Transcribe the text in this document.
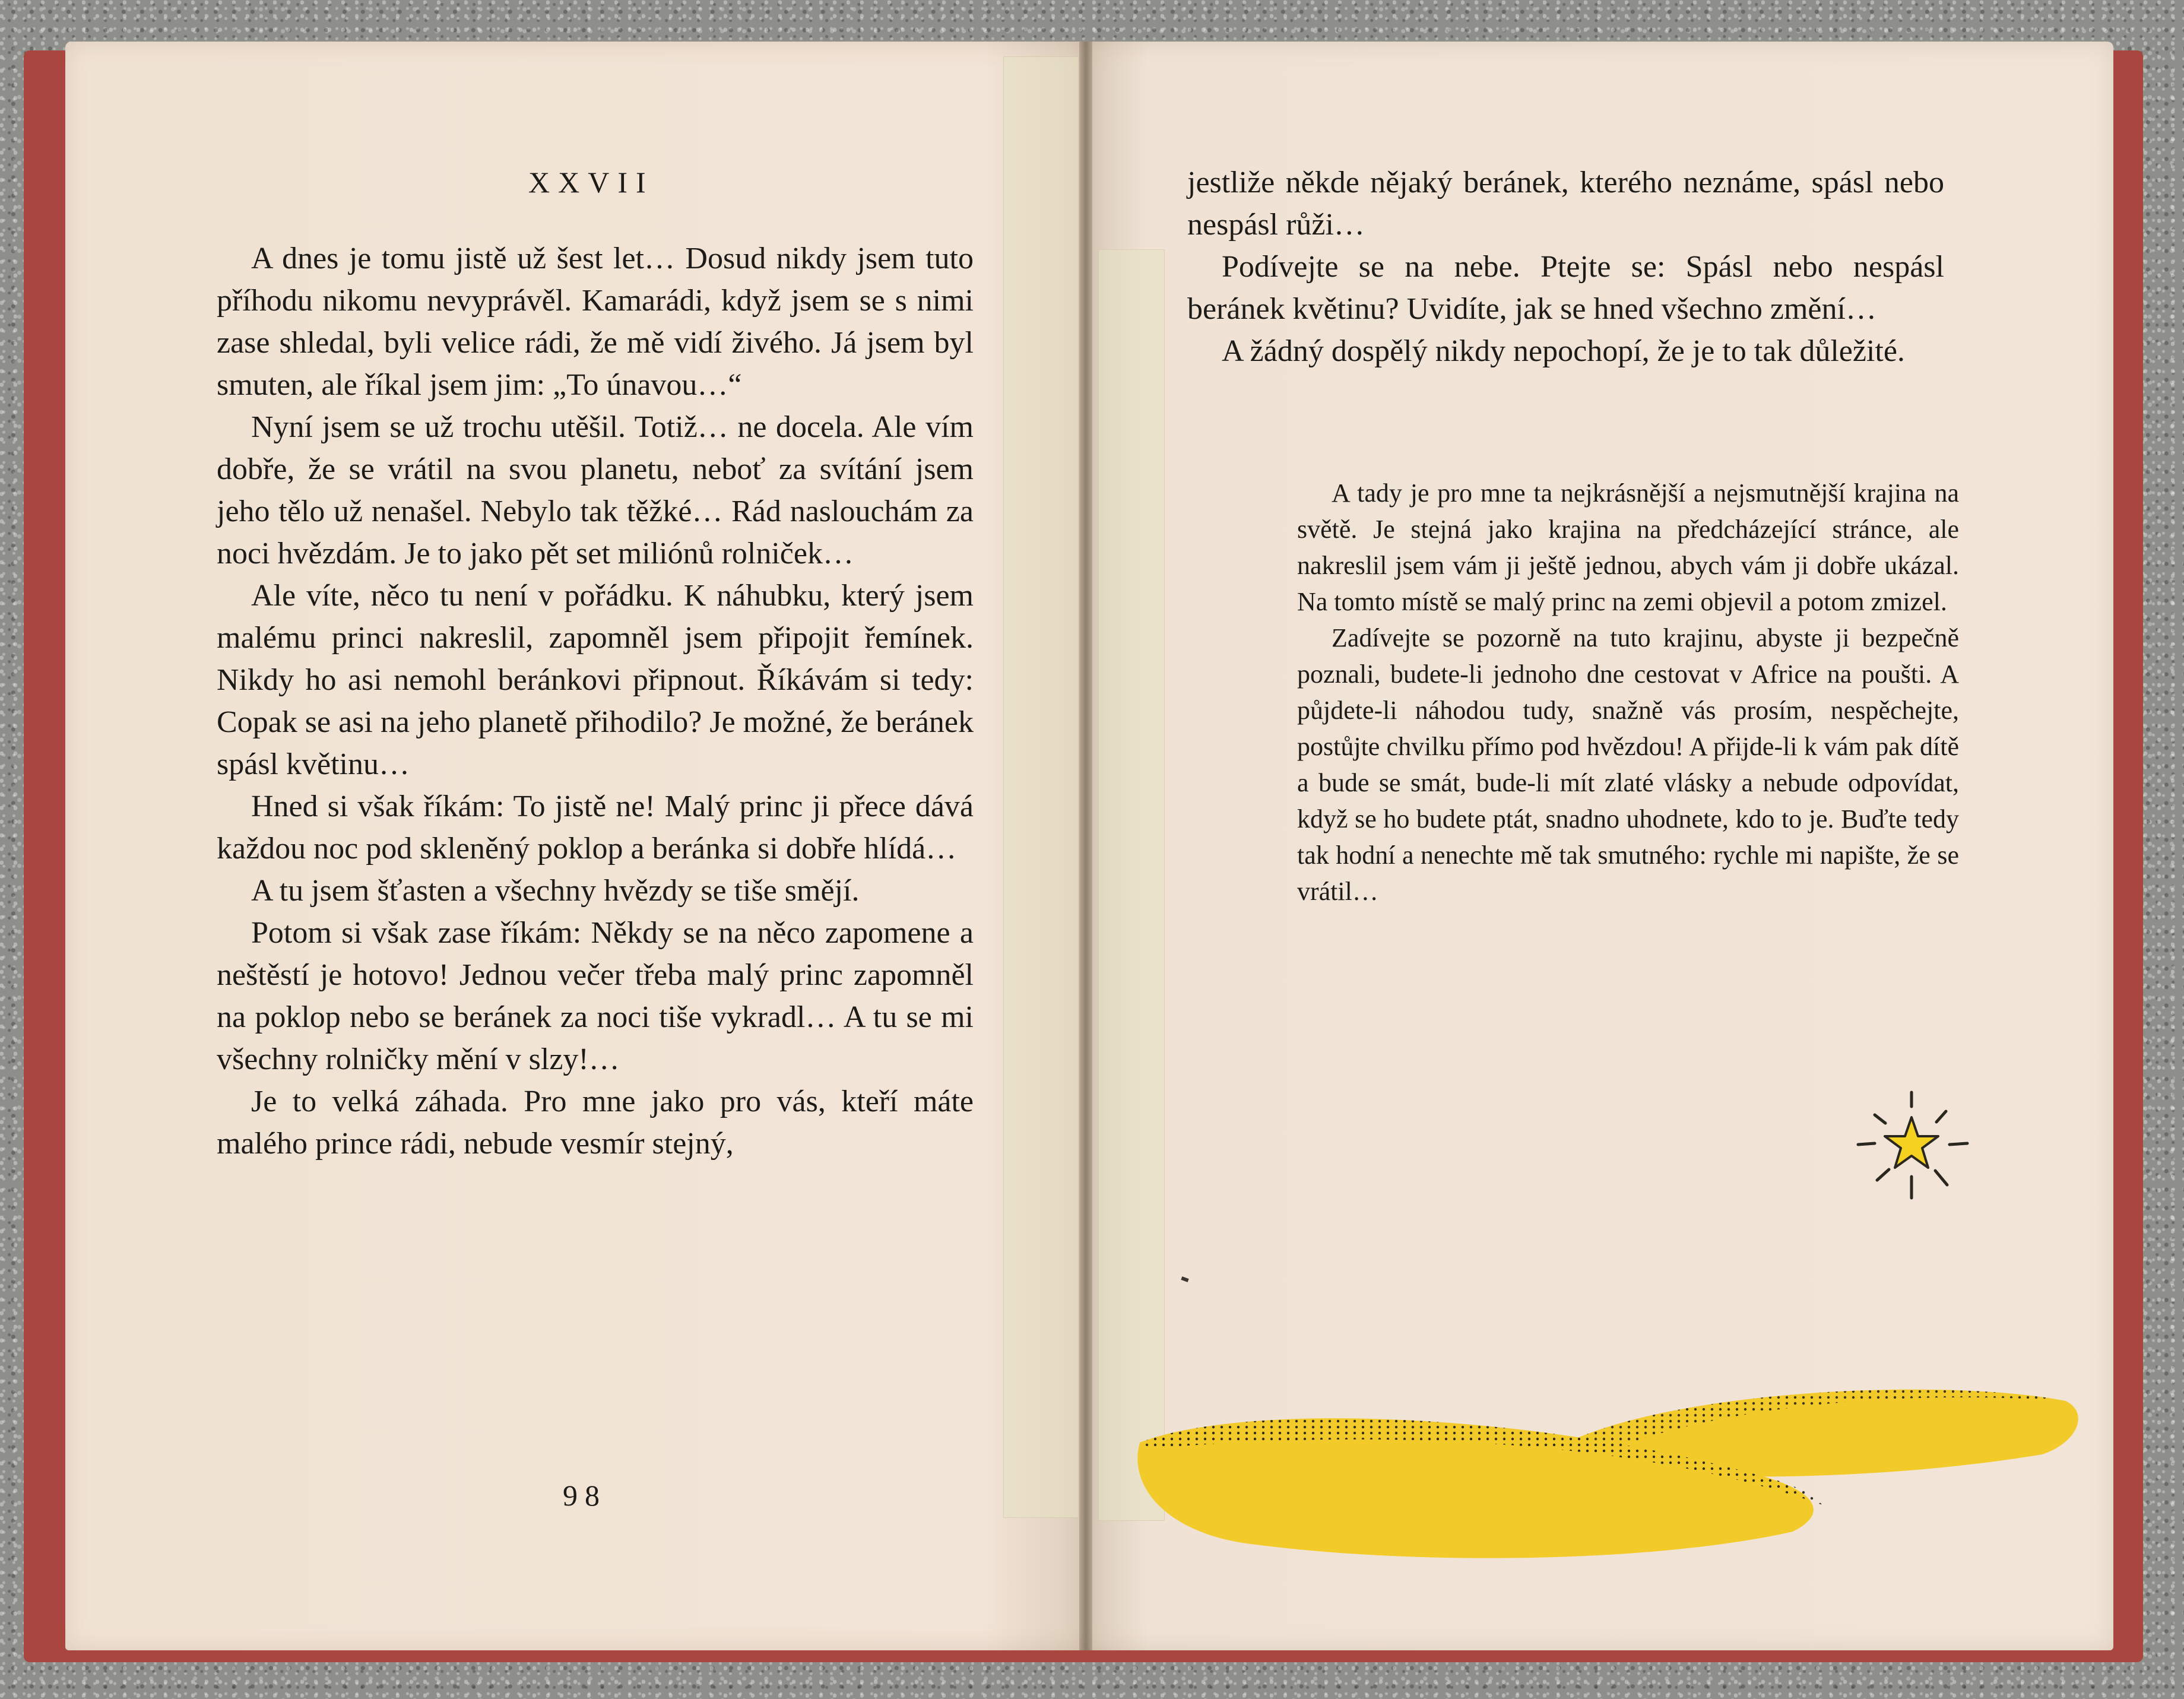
XXVII

A dnes je tomu jistě už šest let… Dosud nikdy jsem tuto příhodu nikomu nevyprávěl. Kamarádi, když jsem se s nimi zase shledal, byli velice rádi, že mě vidí živého. Já jsem byl smuten, ale říkal jsem jim: „To únavou…“

Nyní jsem se už trochu utěšil. Totiž… ne docela. Ale vím dobře, že se vrátil na svou planetu, neboť za svítání jsem jeho tělo už nenašel. Nebylo tak těžké… Rád naslouchám za noci hvězdám. Je to jako pět set miliónů rolniček…

Ale víte, něco tu není v pořádku. K náhubku, který jsem malému princi nakreslil, zapomněl jsem připojit řemínek. Nikdy ho asi nemohl beránkovi připnout. Říkávám si tedy: Copak se asi na jeho planetě přihodilo? Je možné, že beránek spásl květinu…

Hned si však říkám: To jistě ne! Malý princ ji přece dává každou noc pod skleněný poklop a beránka si dobře hlídá…

A tu jsem šťasten a všechny hvězdy se tiše smějí.

Potom si však zase říkám: Někdy se na něco zapomene a neštěstí je hotovo! Jednou večer třeba malý princ zapomněl na poklop nebo se beránek za noci tiše vykradl… A tu se mi všechny rolničky mění v slzy!…

Je to velká záhada. Pro mne jako pro vás, kteří máte malého prince rádi, nebude vesmír stejný,

98

jestliže někde nějaký beránek, kterého neznáme, spásl nebo nespásl růži…

Podívejte se na nebe. Ptejte se: Spásl nebo nespásl beránek květinu? Uvidíte, jak se hned všechno změní…

A žádný dospělý nikdy nepochopí, že je to tak důležité.

A tady je pro mne ta nejkrásnější a nejsmutnější krajina na světě. Je stejná jako krajina na předcházející stránce, ale nakreslil jsem vám ji ještě jednou, abych vám ji dobře ukázal. Na tomto místě se malý princ na zemi objevil a potom zmizel.

Zadívejte se pozorně na tuto krajinu, abyste ji bezpečně poznali, budete-li jednoho dne cestovat v Africe na poušti. A půjdete-li náhodou tudy, snažně vás prosím, nespěchejte, postůjte chvilku přímo pod hvězdou! A přijde-li k vám pak dítě a bude se smát, bude-li mít zlaté vlásky a nebude odpovídat, když se ho budete ptát, snadno uhodnete, kdo to je. Buďte tedy tak hodní a nenechte mě tak smutného: rychle mi napište, že se vrátil…
